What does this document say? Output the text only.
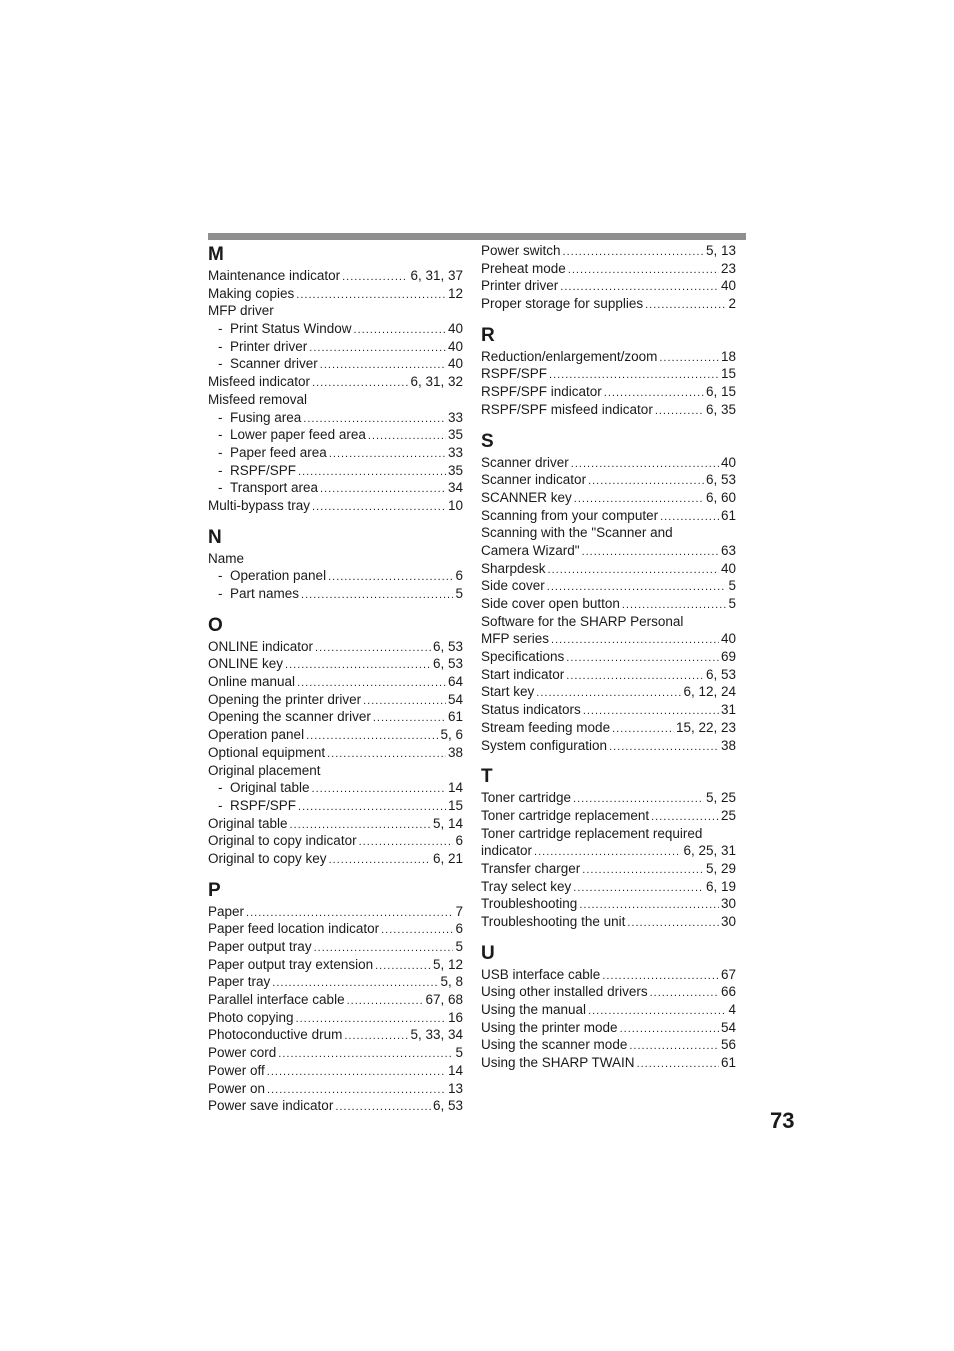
M
Maintenance indicator .....	6, 31, 37
Making copies .....	12
MFP driver
-  Print Status Window .....	40
-  Printer driver .....	40
-  Scanner driver .....	40
Misfeed indicator .....	6, 31, 32
Misfeed removal
-  Fusing area .....	33
-  Lower paper feed area .....	35
-  Paper feed area .....	33
-  RSPF/SPF .....	35
-  Transport area .....	34
Multi-bypass tray .....	10
N
Name
-  Operation panel .....	6
-  Part names .....	5
O
ONLINE indicator .....	6, 53
ONLINE key .....	6, 53
Online manual .....	64
Opening the printer driver .....	54
Opening the scanner driver .....	61
Operation panel .....	5, 6
Optional equipment .....	38
Original placement
-  Original table .....	14
-  RSPF/SPF .....	15
Original table .....	5, 14
Original to copy indicator .....	6
Original to copy key .....	6, 21
P
Paper .....	7
Paper feed location indicator .....	6
Paper output tray .....	5
Paper output tray extension .....	5, 12
Paper tray .....	5, 8
Parallel interface cable .....	67, 68
Photo copying .....	16
Photoconductive drum .....	5, 33, 34
Power cord .....	5
Power off .....	14
Power on .....	13
Power save indicator .....	6, 53
Power switch .....	5, 13
Preheat mode .....	23
Printer driver .....	40
Proper storage for supplies .....	2
R
Reduction/enlargement/zoom .....	18
RSPF/SPF .....	15
RSPF/SPF indicator .....	6, 15
RSPF/SPF misfeed indicator .....	6, 35
S
Scanner driver .....	40
Scanner indicator .....	6, 53
SCANNER key .....	6, 60
Scanning from your computer .....	61
Scanning with the "Scanner and
Camera Wizard" .....	63
Sharpdesk .....	40
Side cover .....	5
Side cover open button .....	5
Software for the SHARP Personal
MFP series .....	40
Specifications .....	69
Start indicator .....	6, 53
Start key .....	6, 12, 24
Status indicators .....	31
Stream feeding mode .....	15, 22, 23
System configuration .....	38
T
Toner cartridge .....	5, 25
Toner cartridge replacement .....	25
Toner cartridge replacement required
indicator .....	6, 25, 31
Transfer charger .....	5, 29
Tray select key .....	6, 19
Troubleshooting .....	30
Troubleshooting the unit .....	30
U
USB interface cable .....	67
Using other installed drivers .....	66
Using the manual .....	4
Using the printer mode .....	54
Using the scanner mode .....	56
Using the SHARP TWAIN .....	61
73
